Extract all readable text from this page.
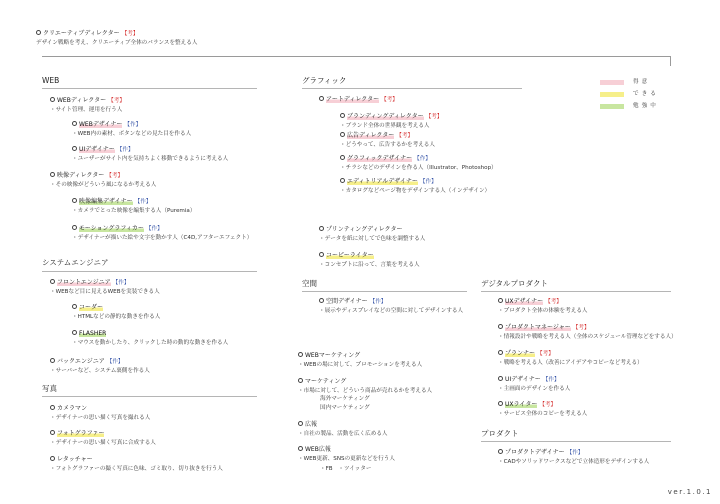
クリエーティブディレクター 【考】
デザイン戦略を考え、クリエーティブ全体のバランスを整える人
得意
できる
勉強中
WEB
WEBディレクター 【考】
・サイト管理、運用を行う人
WEBデザイナー 【作】
・WEB内の素材、ボタンなどの見た目を作る人
UIデザイナー 【作】
・ユーザーがサイト内を気持ちよく移動できるように考える人
映像ディレクター 【考】
・その映像がどういう風になるか考える人
映像編集デザイナー 【作】
・カメラでとった映像を編集する人（Puremia）
モーショングラフィカー 【作】
・デザイナーが描いた絵や文字を動かす人（C4D,アフターエフェクト）
システムエンジニア
フロントエンジニア 【作】
・WEBなど目に見えるWEBを実装できる人
コーダー
・HTMLなどの静的な動きを作る人
FLASHER
・マウスを動かしたり、クリックした時の動的な動きを作る人
バックエンジニア 【作】
・サーバーなど、システム裏側を作る人
写真
カメラマン
・デザイナーの思い描く写真を撮れる人
フォトグラファー
・デザイナーの思い描く写真に合成する人
レタッチャー
・フォトグラファーの撮く写真に色味、ゴミ取り、切り抜きを行う人
グラフィック
アートディレクター 【考】
ブランディングディレクター 【考】
・ブランド全体の世界観を考える人
広告ディレクター 【考】
・どうやって、広告するかを考える人
グラフィックデザイナー 【作】
・チラシなどのデザインを作る人（Illustrator、Photoshop）
エディトリアルデザイナー 【作】
・カタログなどページ物をデザインする人（インデザイン）
プリンティングディレクター
・データを紙に対してで色味を調整する人
コーピーライター
・コンセプトに沿って、言葉を考える人
空間
空間デザイナー 【作】
・展示やディスプレイなどの空間に対してデザインする人
WEBマーケティング
・WEBの場に対して、プロモーションを考える人
マーケティング
・市場に対して、どういう商品が売れるかを考える人
海外マーケティング
国内マーケティング
広報
・自社の製品、活動を広く広める人
WEB広報
・WEB更新、SNSの更新などを行う人
・FB　・ツイッター
デジタルプロダクト
UXデザイナー 【考】
・プロダクト全体の体験を考える人
プロダクトマネージャー 【考】
・情報設計や戦略を考える人（全体のスケジュール管理などをする人）
プランナー 【考】
・戦略を考える人（改善にアイデアやコピーなど考える）
UIデザイナー 【作】
・主画面のデザインを作る人
UXライター 【考】
・サービス全体のコピーを考える人
プロダクト
プロダクトデザイナー 【作】
・CADやソリッドワークスなどで立体造形をデザインする人
ver.1.0.1
